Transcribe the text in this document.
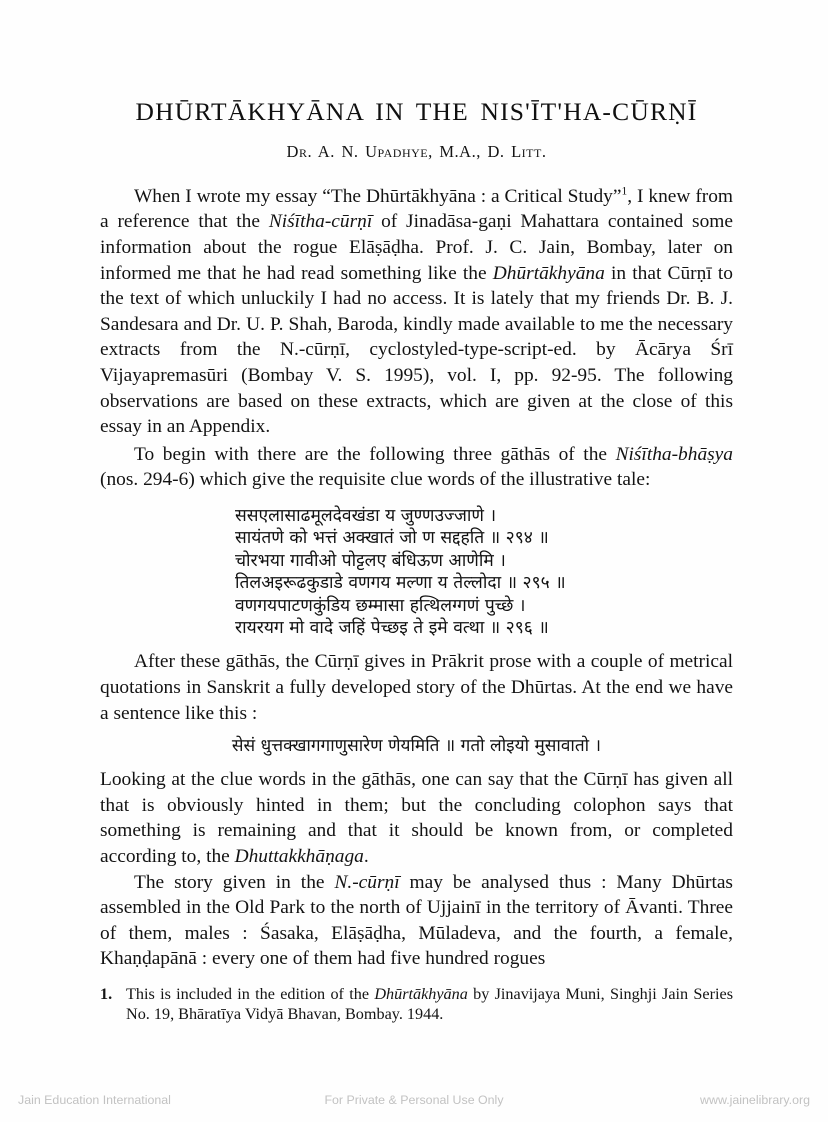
DHŪRTĀKHYĀNA IN THE NIS'ĪT'HA-CŪRṆĪ
Dr. A. N. Upadhye, M.A., D. Litt.

When I wrote my essay “The Dhūrtākhyāna : a Critical Study”$^1$, I knew from a reference that the Niśītha-cūrṇī of Jinadāsa-gaṇi Mahattara contained some information about the rogue Elāṣāḍha. Prof. J. C. Jain, Bombay, later on informed me that he had read something like the Dhūrtākhyāna in that Cūrṇī to the text of which unluckily I had no access. It is lately that my friends Dr. B. J. Sandesara and Dr. U. P. Shah, Baroda, kindly made available to me the necessary extracts from the N.-cūrṇī, cyclostyled-type-script-ed. by Ācārya Śrī Vijayapremasūri (Bombay V. S. 1995), vol. I, pp. 92-95. The following observations are based on these extracts, which are given at the close of this essay in an Appendix.

To begin with there are the following three gāthās of the Niśītha-bhāṣya (nos. 294-6) which give the requisite clue words of the illustrative tale:

ससएलासाढमूलदेवखंडा य जुण्णउज्जाणे ।
सायंतणे को भत्तं अक्खातं जो ण सद्दहति ॥ २९४ ॥
चोरभया गावीओ पोट्टलए बंधिऊण आणेमि ।
तिलअइरूढकुडाडे वणगय मल्णा य तेल्लोदा ॥ २९५ ॥
वणगयपाटणकुंडिय छम्मासा हत्थिलग्गणं पुच्छे ।
रायरयग मो वादे जहिं पेच्छइ ते इमे वत्था ॥ २९६ ॥

After these gāthās, the Cūrṇī gives in Prākrit prose with a couple of metrical quotations in Sanskrit a fully developed story of the Dhūrtas. At the end we have a sentence like this :

सेसं धुत्तक्खागगाणुसारेण णेयमिति ॥ गतो लोइयो मुसावातो ।

Looking at the clue words in the gāthās, one can say that the Cūrṇī has given all that is obviously hinted in them; but the concluding colophon says that something is remaining and that it should be known from, or completed according to, the Dhuttakkhāṇaga.

The story given in the N.-cūrṇī may be analysed thus : Many Dhūrtas assembled in the Old Park to the north of Ujjainī in the territory of Āvanti. Three of them, males : Śasaka, Elāṣāḍha, Mūladeva, and the fourth, a female, Khaṇḍapānā : every one of them had five hundred rogues

1. This is included in the edition of the Dhūrtākhyāna by Jinavijaya Muni, Singhji Jain Series No. 19, Bhāratīya Vidyā Bhavan, Bombay. 1944.
Jain Education International	For Private & Personal Use Only	www.jainelibrary.org
